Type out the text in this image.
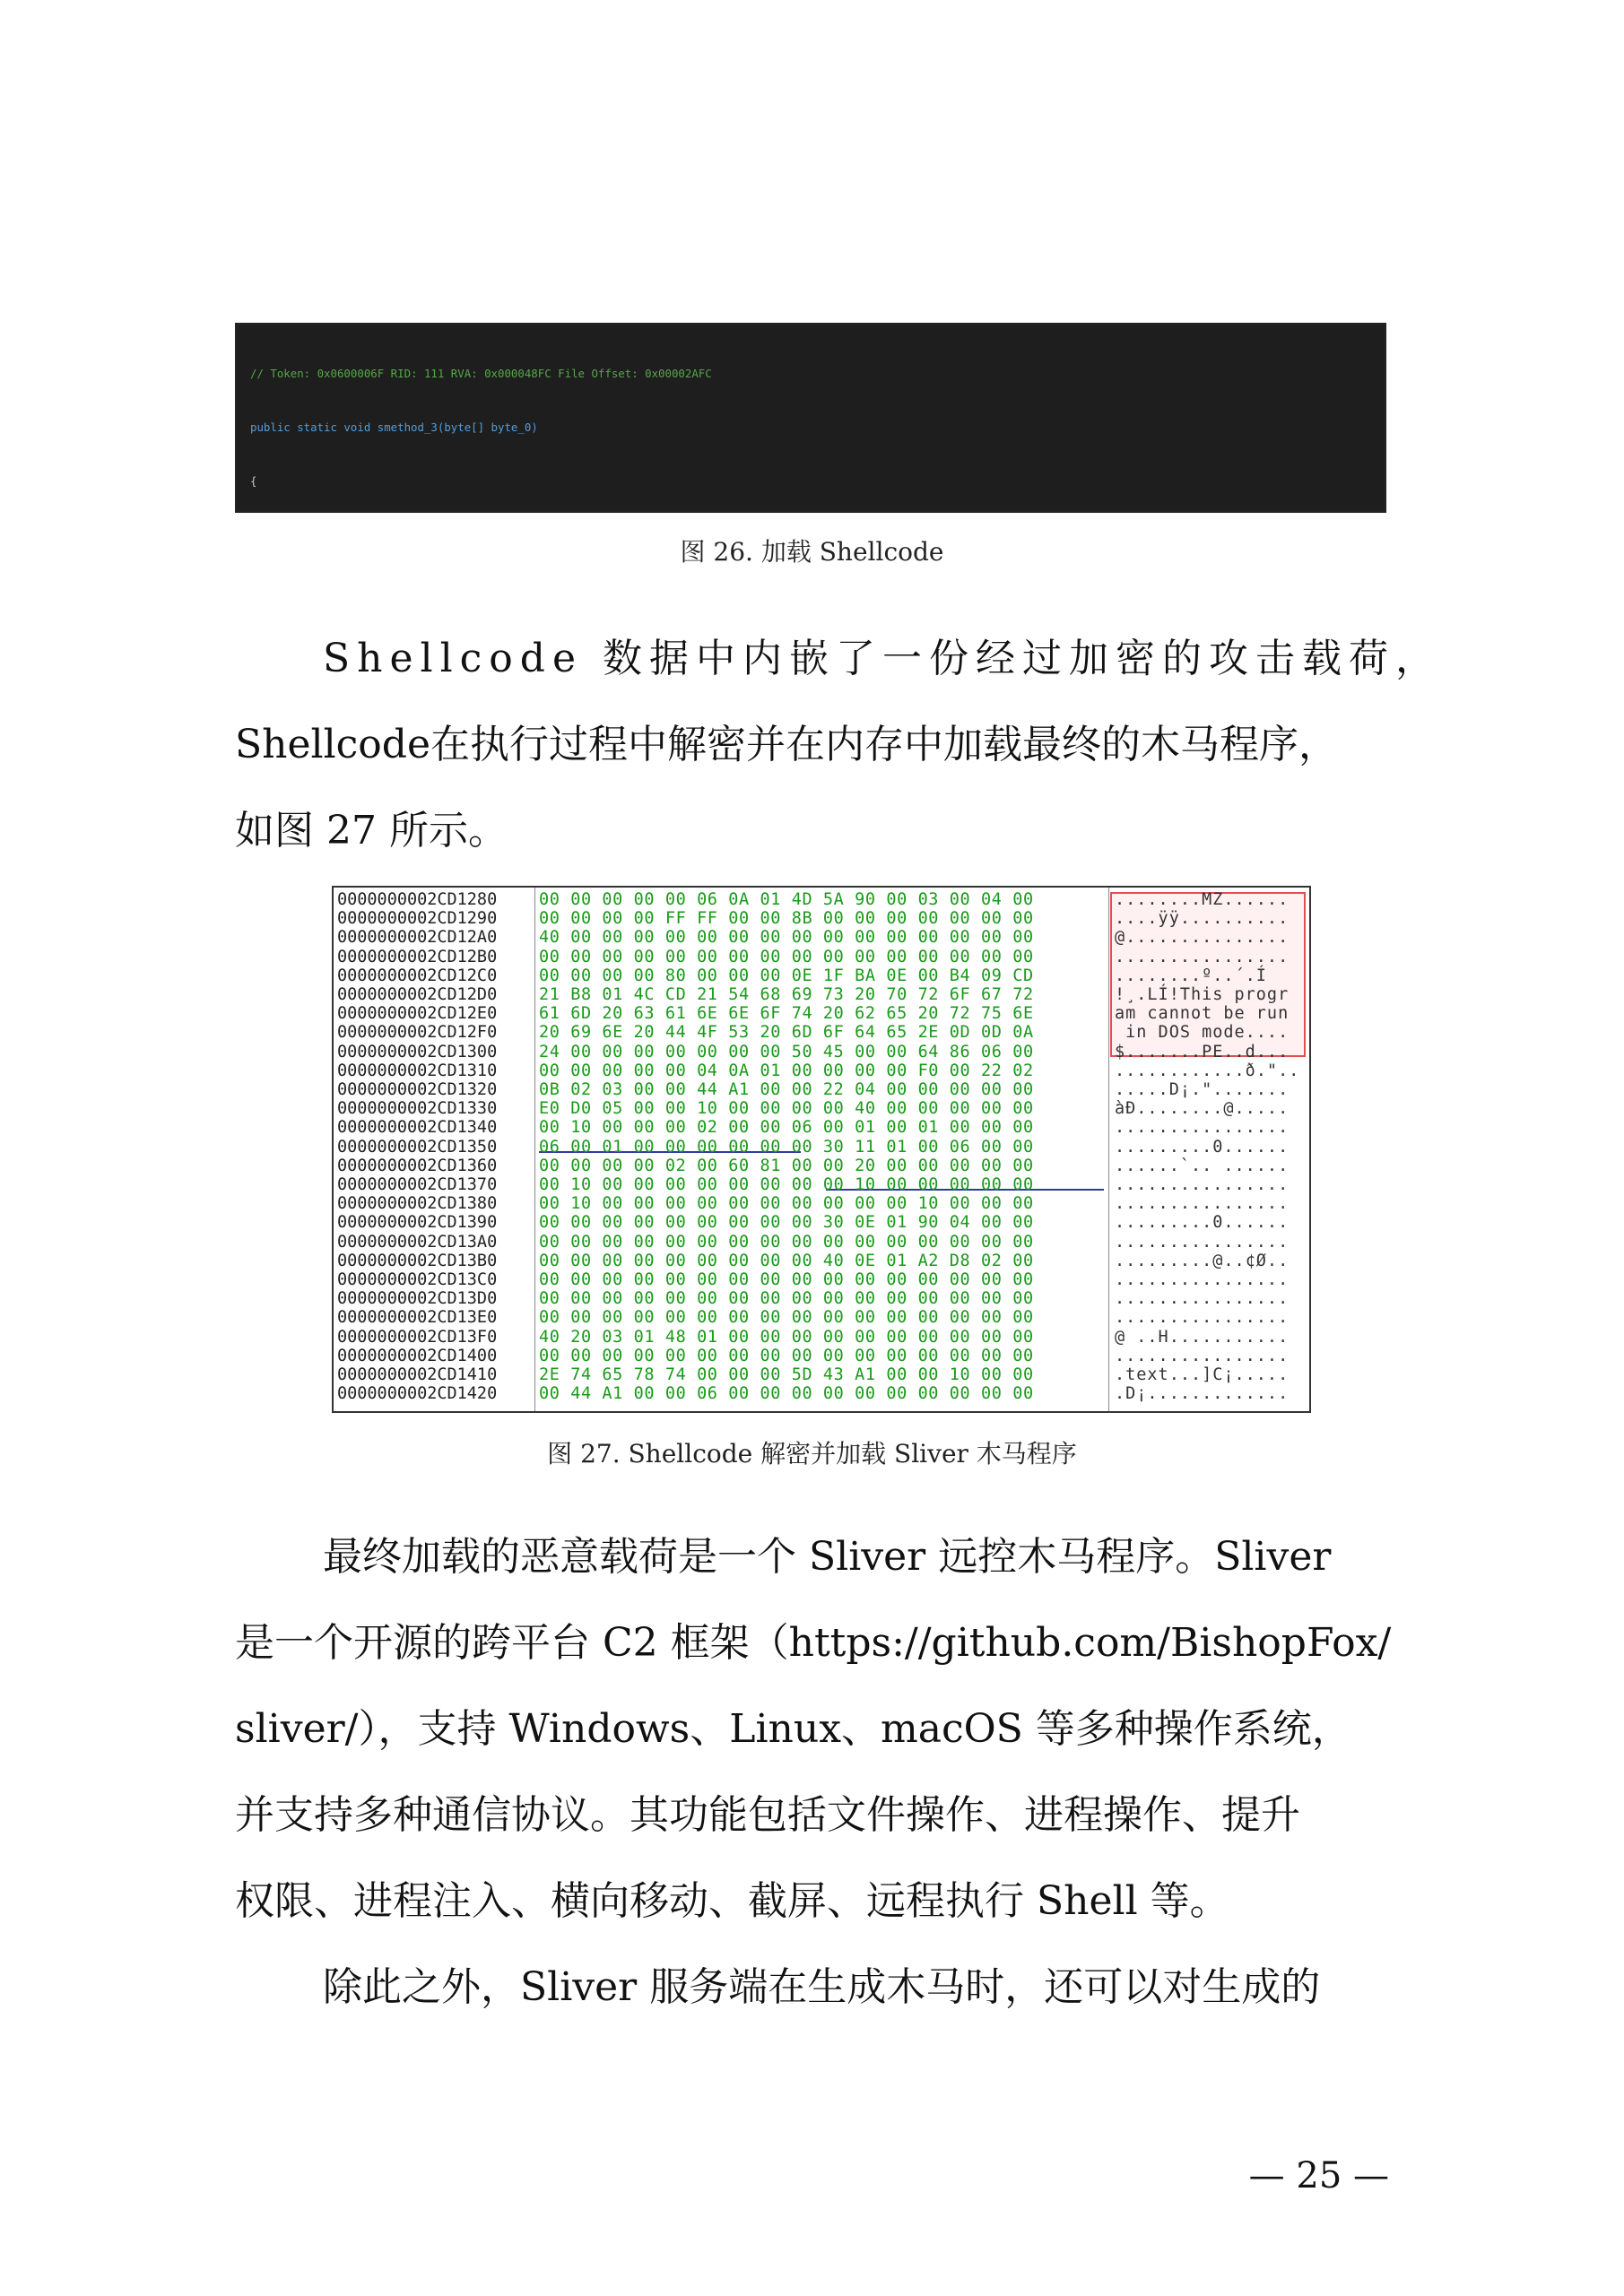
// Token: 0x0600006F RID: 111 RVA: 0x000048FC File Offset: 0x00002AFC

public static void smethod_3(byte[] byte_0)

{

图 26. 加载 Shellcode
Shellcode 数据中内嵌了一份经过加密的攻击载荷，
Shellcode在执行过程中解密并在内存中加载最终的木马程序，
如图 27 所示。
0000000002CD1280	00 00 00 00 00 06 0A 01 4D 5A 90 00 03 00 04 00	........MZ......
0000000002CD1290	00 00 00 00 FF FF 00 00 8B 00 00 00 00 00 00 00	....ÿÿ..........
0000000002CD12A0	40 00 00 00 00 00 00 00 00 00 00 00 00 00 00 00	@...............
0000000002CD12B0	00 00 00 00 00 00 00 00 00 00 00 00 00 00 00 00	................
0000000002CD12C0	00 00 00 00 80 00 00 00 0E 1F BA 0E 00 B4 09 CD	........º..´.Í
0000000002CD12D0	21 B8 01 4C CD 21 54 68 69 73 20 70 72 6F 67 72	!¸.LÍ!This progr
0000000002CD12E0	61 6D 20 63 61 6E 6E 6F 74 20 62 65 20 72 75 6E	am cannot be run
0000000002CD12F0	20 69 6E 20 44 4F 53 20 6D 6F 64 65 2E 0D 0D 0A	in DOS mode....
0000000002CD1300	24 00 00 00 00 00 00 00 50 45 00 00 64 86 06 00	$.......PE..d...
0000000002CD1310	00 00 00 00 00 04 0A 01 00 00 00 00 F0 00 22 02	............ð."..
0000000002CD1320	0B 02 03 00 00 44 A1 00 00 22 04 00 00 00 00 00	.....D¡.".......
0000000002CD1330	E0 D0 05 00 00 10 00 00 00 00 40 00 00 00 00 00	àÐ........@.....
0000000002CD1340	00 10 00 00 00 02 00 00 06 00 01 00 01 00 00 00	................
0000000002CD1350	06 00 01 00 00 00 00 00 00 30 11 01 00 06 00 00	.........0......
0000000002CD1360	00 00 00 00 02 00 60 81 00 00 20 00 00 00 00 00	......`.. ......
0000000002CD1370	00 10 00 00 00 00 00 00 00 00 10 00 00 00 00 00	................
0000000002CD1380	00 10 00 00 00 00 00 00 00 00 00 00 10 00 00 00	................
0000000002CD1390	00 00 00 00 00 00 00 00 00 30 0E 01 90 04 00 00	.........0......
0000000002CD13A0	00 00 00 00 00 00 00 00 00 00 00 00 00 00 00 00	................
0000000002CD13B0	00 00 00 00 00 00 00 00 00 40 0E 01 A2 D8 02 00	.........@..¢Ø..
0000000002CD13C0	00 00 00 00 00 00 00 00 00 00 00 00 00 00 00 00	................
0000000002CD13D0	00 00 00 00 00 00 00 00 00 00 00 00 00 00 00 00	................
0000000002CD13E0	00 00 00 00 00 00 00 00 00 00 00 00 00 00 00 00	................
0000000002CD13F0	40 20 03 01 48 01 00 00 00 00 00 00 00 00 00 00	@ ..H...........
0000000002CD1400	00 00 00 00 00 00 00 00 00 00 00 00 00 00 00 00	................
0000000002CD1410	2E 74 65 78 74 00 00 00 5D 43 A1 00 00 10 00 00	.text...]C¡.....
0000000002CD1420	00 44 A1 00 00 06 00 00 00 00 00 00 00 00 00 00	.D¡.............
图 27. Shellcode 解密并加载 Sliver 木马程序
最终加载的恶意载荷是一个 Sliver 远控木马程序。Sliver
是一个开源的跨平台 C2 框架（https://github.com/BishopFox/
sliver/），支持 Windows、Linux、macOS 等多种操作系统，
并支持多种通信协议。其功能包括文件操作、进程操作、提升
权限、进程注入、横向移动、截屏、远程执行 Shell 等。
除此之外，Sliver 服务端在生成木马时，还可以对生成的
— 25 —
